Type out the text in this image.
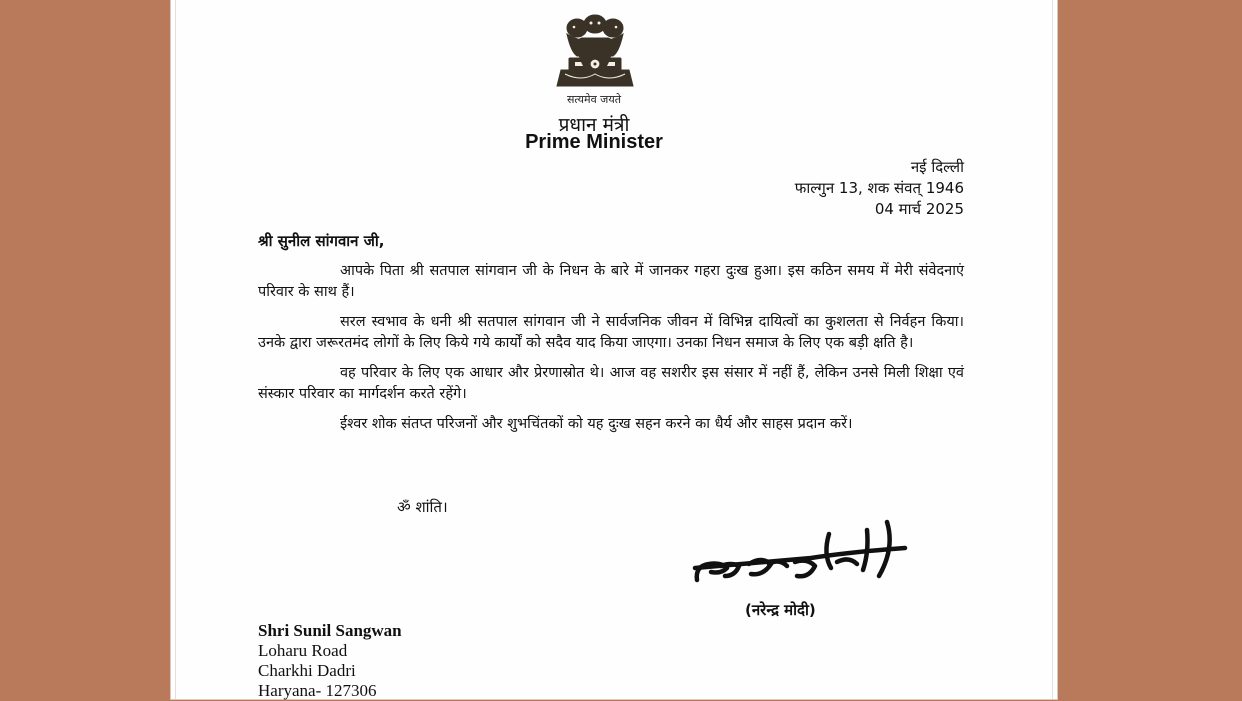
सत्यमेव जयते
प्रधान मंत्री
Prime Minister
नई दिल्ली
फाल्गुन 13, शक संवत् 1946
04 मार्च 2025
श्री सुनील सांगवान जी,

आपके पिता श्री सतपाल सांगवान जी के निधन के बारे में जानकर गहरा दुःख हुआ। इस कठिन समय में मेरी संवेदनाएं परिवार के साथ हैं।

सरल स्वभाव के धनी श्री सतपाल सांगवान जी ने सार्वजनिक जीवन में विभिन्न दायित्वों का कुशलता से निर्वहन किया। उनके द्वारा जरूरतमंद लोगों के लिए किये गये कार्यों को सदैव याद किया जाएगा। उनका निधन समाज के लिए एक बड़ी क्षति है।

वह परिवार के लिए एक आधार और प्रेरणास्रोत थे। आज वह सशरीर इस संसार में नहीं हैं, लेकिन उनसे मिली शिक्षा एवं संस्कार परिवार का मार्गदर्शन करते रहेंगे।

ईश्वर शोक संतप्त परिजनों और शुभचिंतकों को यह दुःख सहन करने का धैर्य और साहस प्रदान करें।

ॐ शांति।
(नरेन्द्र मोदी)
Shri Sunil Sangwan
Loharu Road
Charkhi Dadri
Haryana- 127306
